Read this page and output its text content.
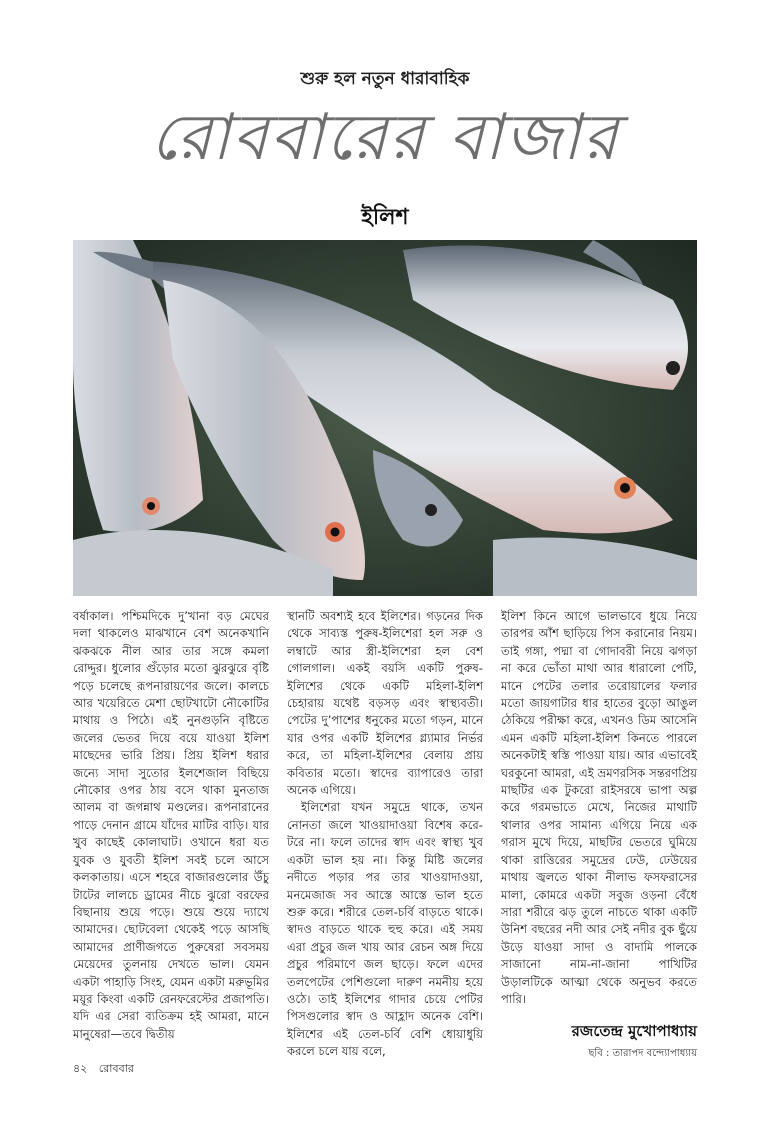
শুরু হল নতুন ধারাবাহিক
রোববারের বাজার
ইলিশ

বর্ষাকাল। পশ্চিমদিকে দু’খানা বড় মেঘের দলা থাকলেও মাঝখানে বেশ অনেকখানি ঝকঝকে নীল আর তার সঙ্গে কমলা রোদ্দুর। ধুলোর গুঁড়োর মতো ঝুরঝুরে বৃষ্টি পড়ে চলেছে রূপনারায়ণের জলে। কালচে আর খয়েরিতে মেশা ছোটখাটো নৌকোটির মাথায় ও পিঠে। এই নুনগুড়নি বৃষ্টিতে জলের ভেতর দিয়ে বয়ে যাওয়া ইলিশ মাছেদের ভারি প্রিয়। প্রিয় ইলিশ ধরার জন্যে সাদা সুতোর ইলশেজাল বিছিয়ে নৌকোর ওপর ঠায় বসে থাকা মুনতাজ আলম বা জগন্নাথ মণ্ডলের। রূপনারানের পাড়ে দেনান গ্রামে যাঁদের মাটির বাড়ি। যার খুব কাছেই কোলাঘাট। ওখানে ধরা যত যুবক ও যুবতী ইলিশ সবই চলে আসে কলকাতায়। এসে শহরে বাজারগুলোর উঁচু টাটের লালচে ড্রামের নীচে ঝুরো বরফের বিছানায় শুয়ে পড়ে। শুয়ে শুয়ে দ্যাখে আমাদের। ছোটবেলা থেকেই পড়ে আসছি আমাদের প্রাণীজগতে পুরুষেরা সবসময় মেয়েদের তুলনায় দেখতে ভাল। যেমন একটা পাহাড়ি সিংহ, যেমন একটা মরুভূমির ময়ূর কিংবা একটি রেনফরেস্টের প্রজাপতি। যদি এর সেরা ব্যতিক্রম হই আমরা, মানে মানুষেরা—তবে দ্বিতীয়

স্থানটি অবশ্যই হবে ইলিশের। গড়নের দিক থেকে সাব্যস্ত পুরুষ-ইলিশেরা হল সরু ও লম্বাটে আর স্ত্রী-ইলিশেরা হল বেশ গোলগাল। একই বয়সি একটি পুরুষ-ইলিশের থেকে একটি মহিলা-ইলিশ চেহারায় যথেষ্ট বড়সড় এবং স্বাস্থ্যবতী। পেটের দু’পাশের ধনুকের মতো গড়ন, মানে যার ওপর একটি ইলিশের গ্ল্যামার নির্ভর করে, তা মহিলা-ইলিশের বেলায় প্রায় কবিতার মতো। স্বাদের ব্যাপারেও তারা অনেক এগিয়ে।

ইলিশেরা যখন সমুদ্রে থাকে, তখন নোনতা জলে খাওয়াদাওয়া বিশেষ করে-টরে না। ফলে তাদের স্বাদ এবং স্বাস্থ্য খুব একটা ভাল হয় না। কিন্তু মিষ্টি জলের নদীতে পড়ার পর তার খাওয়াদাওয়া, মনমেজাজ সব আস্তে আস্তে ভাল হতে শুরু করে। শরীরে তেল-চর্বি বাড়তে থাকে। স্বাদও বাড়তে থাকে হুহু করে। এই সময় এরা প্রচুর জল খায় আর রেচন অঙ্গ দিয়ে প্রচুর পরিমাণে জল ছাড়ে। ফলে এদের তলপেটের পেশিগুলো দারুণ নমনীয় হয়ে ওঠে। তাই ইলিশের গাদার চেয়ে পেটির পিসগুলোর স্বাদ ও আহ্লাদ অনেক বেশি। ইলিশের এই তেল-চর্বি বেশি ধোয়াধুয়ি করলে চলে যায় বলে,

ইলিশ কিনে আগে ভালভাবে ধুয়ে নিয়ে তারপর আঁশ ছাড়িয়ে পিস করানোর নিয়ম। তাই গঙ্গা, পদ্মা বা গোদাবরী নিয়ে ঝগড়া না করে ভোঁতা মাথা আর ধারালো পেটি, মানে পেটের তলার তরোয়ালের ফলার মতো জায়গাটার ধার হাতের বুড়ো আঙুল ঠেকিয়ে পরীক্ষা করে, এখনও ডিম আসেনি এমন একটি মহিলা-ইলিশ কিনতে পারলে অনেকটাই স্বস্তি পাওয়া যায়। আর এভাবেই ঘরকুনো আমরা, এই ভ্রমণরসিক সন্তরণপ্রিয় মাছটির এক টুকরো রাইসরষে ভাপা অল্প করে গরমভাতে মেখে, নিজের মাথাটি থালার ওপর সামান্য এগিয়ে নিয়ে এক গরাস মুখে দিয়ে, মাছটির ভেতরে ঘুমিয়ে থাকা রাত্তিরের সমুদ্রের ঢেউ, ঢেউয়ের মাথায় জ্বলতে থাকা নীলাভ ফসফরাসের মালা, কোমরে একটা সবুজ ওড়না বেঁধে সারা শরীরে ঝড় তুলে নাচতে থাকা একটি উনিশ বছরের নদী আর সেই নদীর বুক ছুঁয়ে উড়ে যাওয়া সাদা ও বাদামি পালকে সাজানো নাম-না-জানা পাখিটির উড়ালটিকে আত্মা থেকে অনুভব করতে পারি।

রজতেন্দ্র মুখোপাধ্যায়
ছবি : তারাপদ বন্দ্যোপাধ্যায়
৪২ রোববার
